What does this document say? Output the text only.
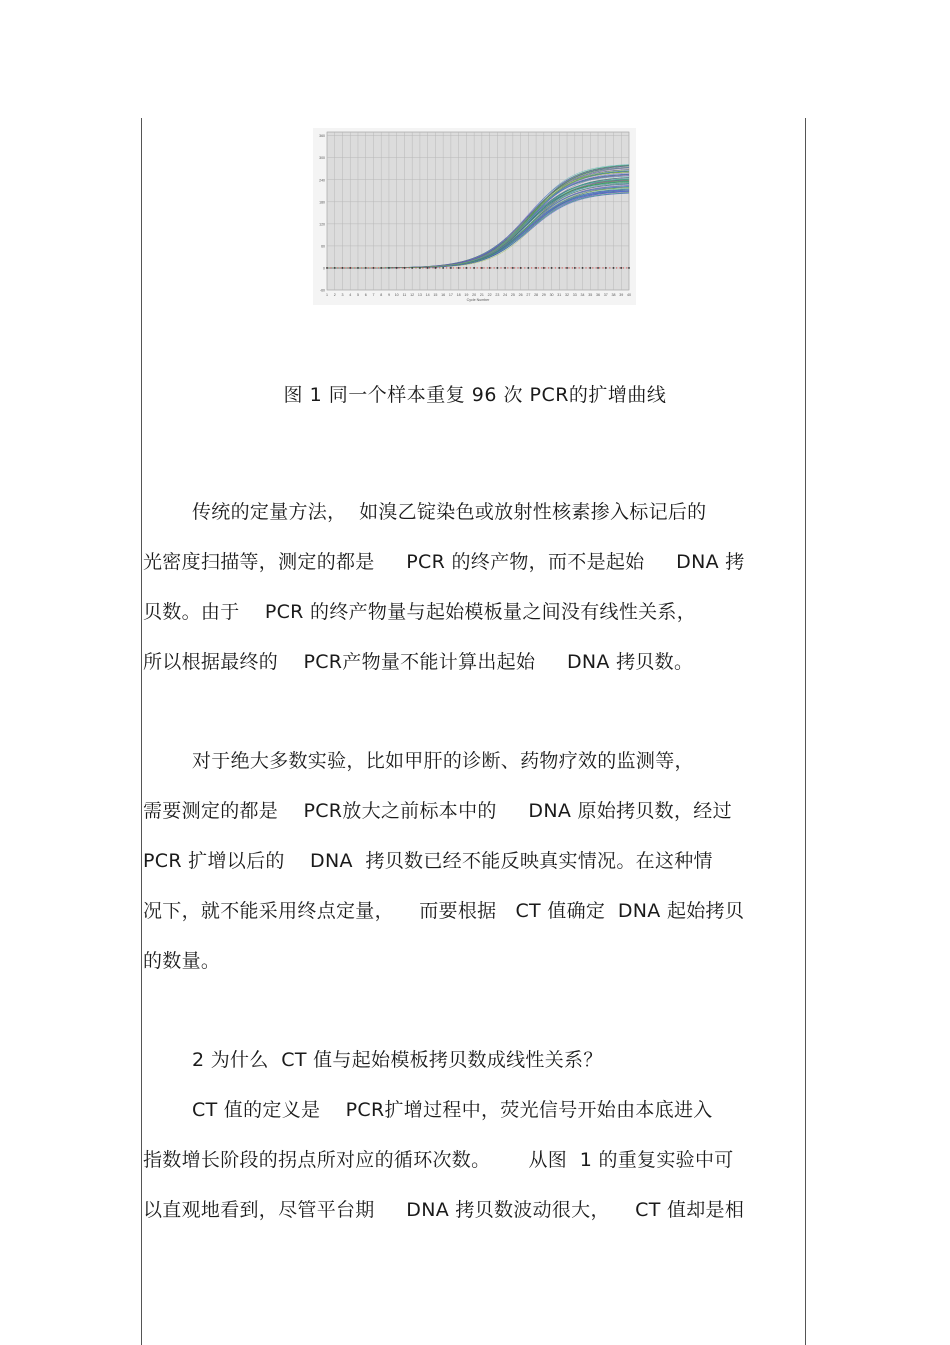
-60
0
60
120
180
240
300
360
1 2 3 4 5 6 7 8 9 10 11 12 13 14 15 16 17 18 19 20 21 22 23 24 25 26 27 28 29 30 31 32 33 34 35 36 37 38 39 40
Cycle Number
图 1 同一个样本重复 96 次 PCR的扩增曲线
传统的定量方法，  如溴乙锭染色或放射性核素掺入标记后的
光密度扫描等，测定的都是     PCR 的终产物，而不是起始     DNA 拷
贝数。由于    PCR 的终产物量与起始模板量之间没有线性关系，
所以根据最终的    PCR产物量不能计算出起始     DNA 拷贝数。
对于绝大多数实验，比如甲肝的诊断、药物疗效的监测等，
需要测定的都是    PCR放大之前标本中的     DNA 原始拷贝数，经过
PCR 扩增以后的    DNA  拷贝数已经不能反映真实情况。在这种情
况下，就不能采用终点定量，    而要根据   CT 值确定  DNA 起始拷贝
的数量。
2 为什么  CT 值与起始模板拷贝数成线性关系？
CT 值的定义是    PCR扩增过程中，荧光信号开始由本底进入
指数增长阶段的拐点所对应的循环次数。      从图  1 的重复实验中可
以直观地看到，尽管平台期     DNA 拷贝数波动很大，    CT 值却是相
